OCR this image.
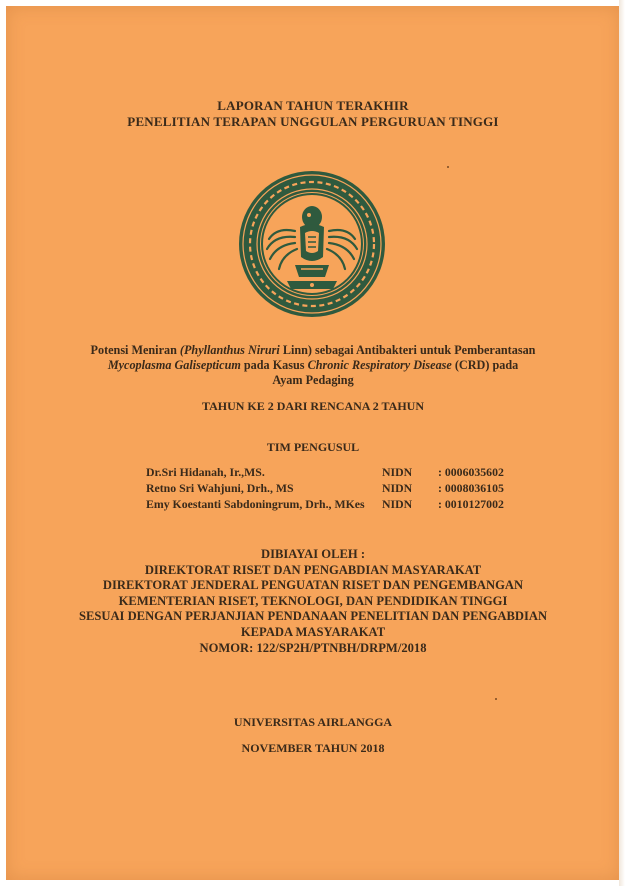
LAPORAN TAHUN TERAKHIR
PENELITIAN TERAPAN UNGGULAN PERGURUAN TINGGI
Potensi Meniran (Phyllanthus Niruri Linn) sebagai Antibakteri untuk Pemberantasan
Mycoplasma Galisepticum pada Kasus Chronic Respiratory Disease (CRD) pada
Ayam Pedaging
TAHUN KE 2 DARI RENCANA 2 TAHUN
TIM PENGUSUL
Dr.Sri Hidanah, Ir.,MS.	NIDN : 0006035602
Retno Sri Wahjuni, Drh., MS	NIDN : 0008036105
Emy Koestanti Sabdoningrum, Drh., MKes NIDN : 0010127002
DIBIAYAI OLEH :
DIREKTORAT RISET DAN PENGABDIAN MASYARAKAT
DIREKTORAT JENDERAL PENGUATAN RISET DAN PENGEMBANGAN
KEMENTERIAN RISET, TEKNOLOGI, DAN PENDIDIKAN TINGGI
SESUAI DENGAN PERJANJIAN PENDANAAN PENELITIAN DAN PENGABDIAN
KEPADA MASYARAKAT
NOMOR: 122/SP2H/PTNBH/DRPM/2018
UNIVERSITAS AIRLANGGA
NOVEMBER TAHUN 2018
